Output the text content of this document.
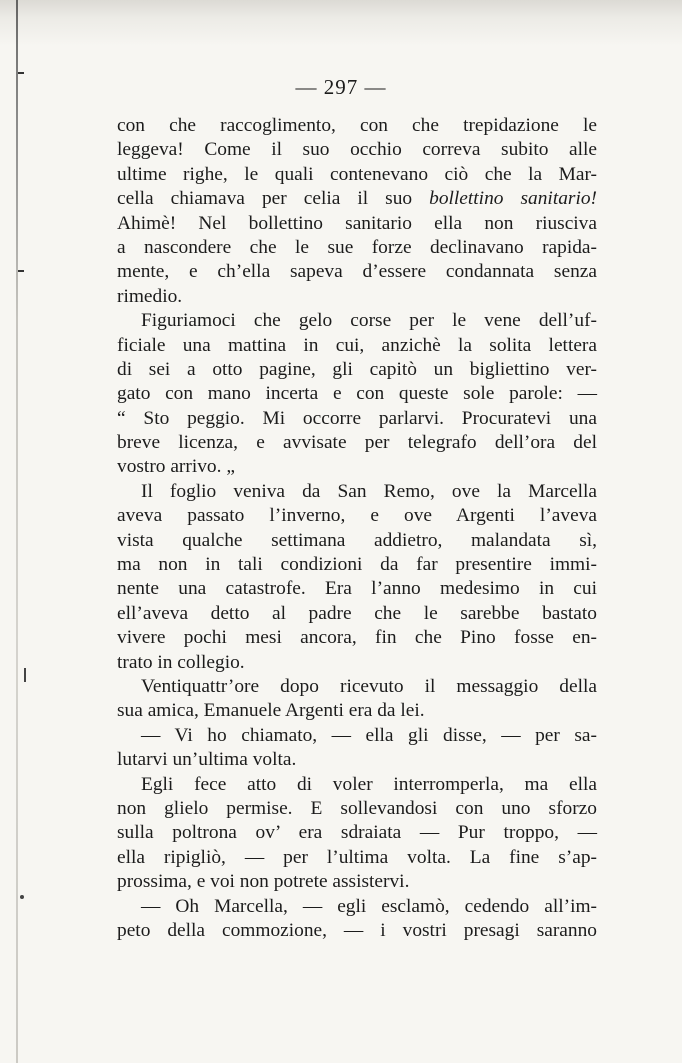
— 297 —
con che raccoglimento, con che trepidazione le
leggeva! Come il suo occhio correva subito alle
ultime righe, le quali contenevano ciò che la Mar-
cella chiamava per celia il suo bollettino sanitario!
Ahimè! Nel bollettino sanitario ella non riusciva
a nascondere che le sue forze declinavano rapida-
mente, e ch’ella sapeva d’essere condannata senza
rimedio.
Figuriamoci che gelo corse per le vene dell’uf-
ficiale una mattina in cui, anzichè la solita lettera
di sei a otto pagine, gli capitò un bigliettino ver-
gato con mano incerta e con queste sole parole: —
“ Sto peggio. Mi occorre parlarvi. Procuratevi una
breve licenza, e avvisate per telegrafo dell’ora del
vostro arrivo. „
Il foglio veniva da San Remo, ove la Marcella
aveva passato l’inverno, e ove Argenti l’aveva
vista qualche settimana addietro, malandata sì,
ma non in tali condizioni da far presentire immi-
nente una catastrofe. Era l’anno medesimo in cui
ell’aveva detto al padre che le sarebbe bastato
vivere pochi mesi ancora, fin che Pino fosse en-
trato in collegio.
Ventiquattr’ore dopo ricevuto il messaggio della
sua amica, Emanuele Argenti era da lei.
— Vi ho chiamato, — ella gli disse, — per sa-
lutarvi un’ultima volta.
Egli fece atto di voler interromperla, ma ella
non glielo permise. E sollevandosi con uno sforzo
sulla poltrona ov’ era sdraiata — Pur troppo, —
ella ripigliò, — per l’ultima volta. La fine s’ap-
prossima, e voi non potrete assistervi.
— Oh Marcella, — egli esclamò, cedendo all’im-
peto della commozione, — i vostri presagi saranno
